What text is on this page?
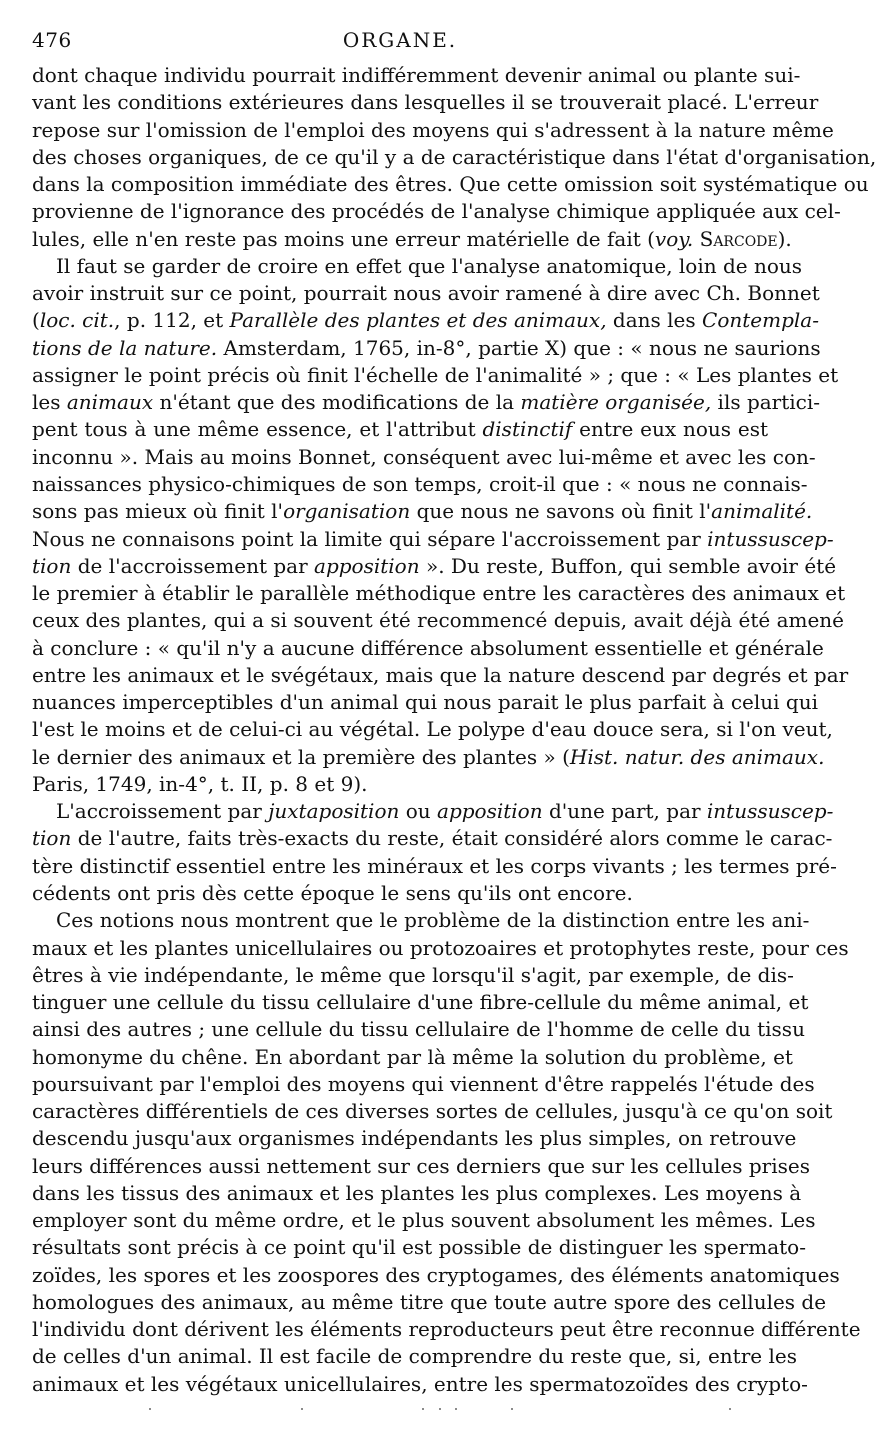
476	ORGANE.
dont chaque individu pourrait indifféremment devenir animal ou plante sui-
vant les conditions extérieures dans lesquelles il se trouverait placé. L'erreur
repose sur l'omission de l'emploi des moyens qui s'adressent à la nature même
des choses organiques, de ce qu'il y a de caractéristique dans l'état d'organisation,
dans la composition immédiate des êtres. Que cette omission soit systématique ou
provienne de l'ignorance des procédés de l'analyse chimique appliquée aux cel-
lules, elle n'en reste pas moins une erreur matérielle de fait (voy. Sarcode).
Il faut se garder de croire en effet que l'analyse anatomique, loin de nous
avoir instruit sur ce point, pourrait nous avoir ramené à dire avec Ch. Bonnet
(loc. cit., p. 112, et Parallèle des plantes et des animaux, dans les Contempla-
tions de la nature. Amsterdam, 1765, in-8°, partie X) que : « nous ne saurions
assigner le point précis où finit l'échelle de l'animalité » ; que : « Les plantes et
les animaux n'étant que des modifications de la matière organisée, ils partici-
pent tous à une même essence, et l'attribut distinctif entre eux nous est
inconnu ». Mais au moins Bonnet, conséquent avec lui-même et avec les con-
naissances physico-chimiques de son temps, croit-il que : « nous ne connais-
sons pas mieux où finit l'organisation que nous ne savons où finit l'animalité.
Nous ne connaisons point la limite qui sépare l'accroissement par intussuscep-
tion de l'accroissement par apposition ». Du reste, Buffon, qui semble avoir été
le premier à établir le parallèle méthodique entre les caractères des animaux et
ceux des plantes, qui a si souvent été recommencé depuis, avait déjà été amené
à conclure : « qu'il n'y a aucune différence absolument essentielle et générale
entre les animaux et le svégétaux, mais que la nature descend par degrés et par
nuances imperceptibles d'un animal qui nous parait le plus parfait à celui qui
l'est le moins et de celui-ci au végétal. Le polype d'eau douce sera, si l'on veut,
le dernier des animaux et la première des plantes » (Hist. natur. des animaux.
Paris, 1749, in-4°, t. II, p. 8 et 9).
L'accroissement par juxtaposition ou apposition d'une part, par intussuscep-
tion de l'autre, faits très-exacts du reste, était considéré alors comme le carac-
tère distinctif essentiel entre les minéraux et les corps vivants ; les termes pré-
cédents ont pris dès cette époque le sens qu'ils ont encore.
Ces notions nous montrent que le problème de la distinction entre les ani-
maux et les plantes unicellulaires ou protozoaires et protophytes reste, pour ces
êtres à vie indépendante, le même que lorsqu'il s'agit, par exemple, de dis-
tinguer une cellule du tissu cellulaire d'une fibre-cellule du même animal, et
ainsi des autres ; une cellule du tissu cellulaire de l'homme de celle du tissu
homonyme du chêne. En abordant par là même la solution du problème, et
poursuivant par l'emploi des moyens qui viennent d'être rappelés l'étude des
caractères différentiels de ces diverses sortes de cellules, jusqu'à ce qu'on soit
descendu jusqu'aux organismes indépendants les plus simples, on retrouve
leurs différences aussi nettement sur ces derniers que sur les cellules prises
dans les tissus des animaux et les plantes les plus complexes. Les moyens à
employer sont du même ordre, et le plus souvent absolument les mêmes. Les
résultats sont précis à ce point qu'il est possible de distinguer les spermato-
zoïdes, les spores et les zoospores des cryptogames, des éléments anatomiques
homologues des animaux, au même titre que toute autre spore des cellules de
l'individu dont dérivent les éléments reproducteurs peut être reconnue différente
de celles d'un animal. Il est facile de comprendre du reste que, si, entre les
animaux et les végétaux unicellulaires, entre les spermatozoïdes des crypto-
